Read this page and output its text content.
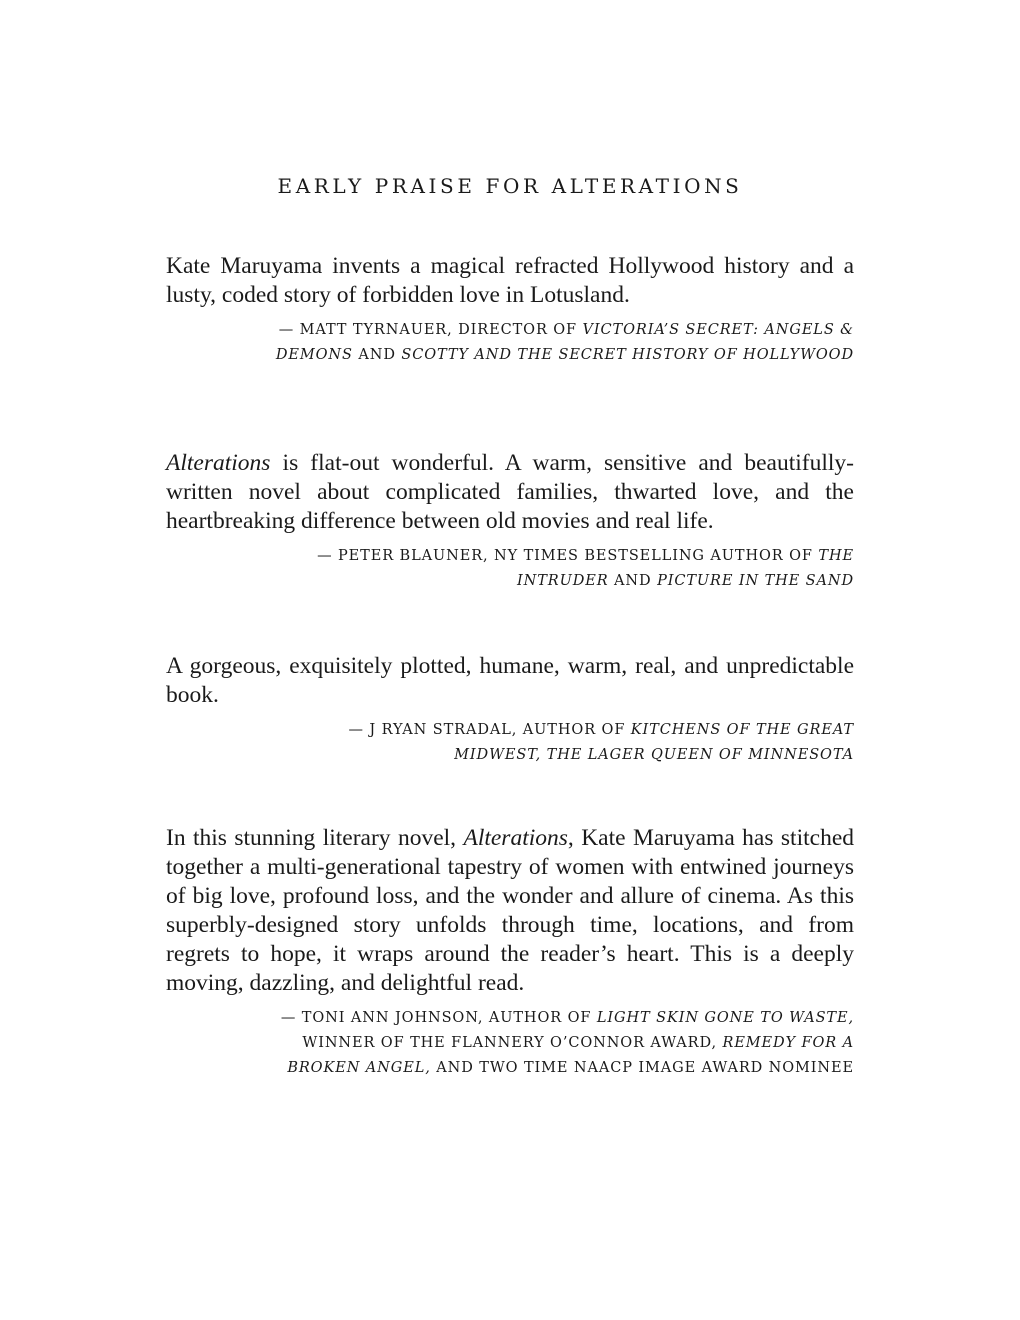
EARLY PRAISE FOR ALTERATIONS

Kate Maruyama invents a magical refracted Hollywood history and a lusty, coded story of forbidden love in Lotusland.

— MATT TYRNAUER, DIRECTOR OF VICTORIA’S SECRET: ANGELS & DEMONS AND SCOTTY AND THE SECRET HISTORY OF HOLLYWOOD

Alterations is flat-out wonderful. A warm, sensitive and beautifully-written novel about complicated families, thwarted love, and the heartbreaking difference between old movies and real life.

— PETER BLAUNER, NY TIMES BESTSELLING AUTHOR OF THE INTRUDER AND PICTURE IN THE SAND

A gorgeous, exquisitely plotted, humane, warm, real, and unpredictable book.

— J RYAN STRADAL, AUTHOR OF KITCHENS OF THE GREAT MIDWEST, THE LAGER QUEEN OF MINNESOTA

In this stunning literary novel, Alterations, Kate Maruyama has stitched together a multi-generational tapestry of women with entwined journeys of big love, profound loss, and the wonder and allure of cinema. As this superbly-designed story unfolds through time, locations, and from regrets to hope, it wraps around the reader’s heart. This is a deeply moving, dazzling, and delightful read.

— TONI ANN JOHNSON, AUTHOR OF LIGHT SKIN GONE TO WASTE, WINNER OF THE FLANNERY O’CONNOR AWARD, REMEDY FOR A BROKEN ANGEL, AND TWO TIME NAACP IMAGE AWARD NOMINEE
